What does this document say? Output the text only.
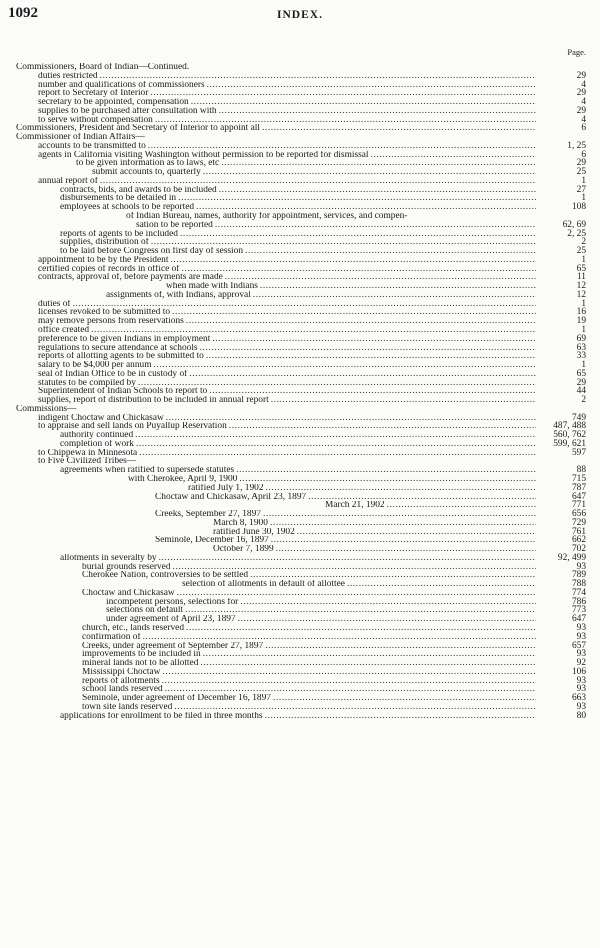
1092	INDEX.
Page.
Commissioners, Board of Indian—Continued.
duties restricted .....	29
number and qualifications of commissioners .....	4
report to Secretary of Interior .....	29
secretary to be appointed, compensation .....	4
supplies to be purchased after consultation with .....	29
to serve without compensation .....	4
Commissioners, President and Secretary of Interior to appoint all .....	6
Commissioner of Indian Affairs—
accounts to be transmitted to .....	1, 25
agents in California visiting Washington without permission to be reported for dismissal .....	6
to be given information as to laws, etc .....	29
submit accounts to, quarterly .....	25
annual report of .....	1
contracts, bids, and awards to be included .....	27
disbursements to be detailed in .....	1
employees at schools to be reported .....	108
of Indian Bureau, names, authority for appointment, services, and compen-
sation to be reported .....	62, 69
reports of agents to be included .....	2, 25
supplies, distribution of .....	2
to be laid before Congress on first day of session .....	25
appointment to be by the President .....	1
certified copies of records in office of .....	65
contracts, approval of, before payments are made .....	11
when made with Indians .....	12
assignments of, with Indians, approval .....	12
duties of .....	1
licenses revoked to be submitted to .....	16
may remove persons from reservations .....	19
office created .....	1
preference to be given Indians in employment .....	69
regulations to secure attendance at schools .....	63
reports of allotting agents to be submitted to .....	33
salary to be $4,000 per annum .....	1
seal of Indian Office to be in custody of .....	65
statutes to be compiled by .....	29
Superintendent of Indian Schools to report to .....	44
supplies, report of distribution to be included in annual report .....	2
Commissions—
indigent Choctaw and Chickasaw .....	749
to appraise and sell lands on Puyallup Reservation .....	487, 488
authority continued .....	560, 762
completion of work .....	599, 621
to Chippewa in Minnesota .....	597
to Five Civilized Tribes—
agreements when ratified to supersede statutes .....	88
with Cherokee, April 9, 1900 .....	715
ratified July 1, 1902 .....	787
Choctaw and Chickasaw, April 23, 1897 .....	647
March 21, 1902 .....	771
Creeks, September 27, 1897 .....	656
March 8, 1900 .....	729
ratified June 30, 1902 .....	761
Seminole, December 16, 1897 .....	662
October 7, 1899 .....	702
allotments in severalty by .....	92, 499
burial grounds reserved .....	93
Cherokee Nation, controversies to be settled .....	789
selection of allotments in default of allottee .....	788
Choctaw and Chickasaw .....	774
incompetent persons, selections for .....	786
selections on default .....	773
under agreement of April 23, 1897 .....	647
church, etc., lands reserved .....	93
confirmation of .....	93
Creeks, under agreement of September 27, 1897 .....	657
improvements to be included in .....	93
mineral lands not to be allotted .....	92
Mississippi Choctaw .....	106
reports of allotments .....	93
school lands reserved .....	93
Seminole, under agreement of December 16, 1897 .....	663
town site lands reserved .....	93
applications for enrollment to be filed in three months .....	80
